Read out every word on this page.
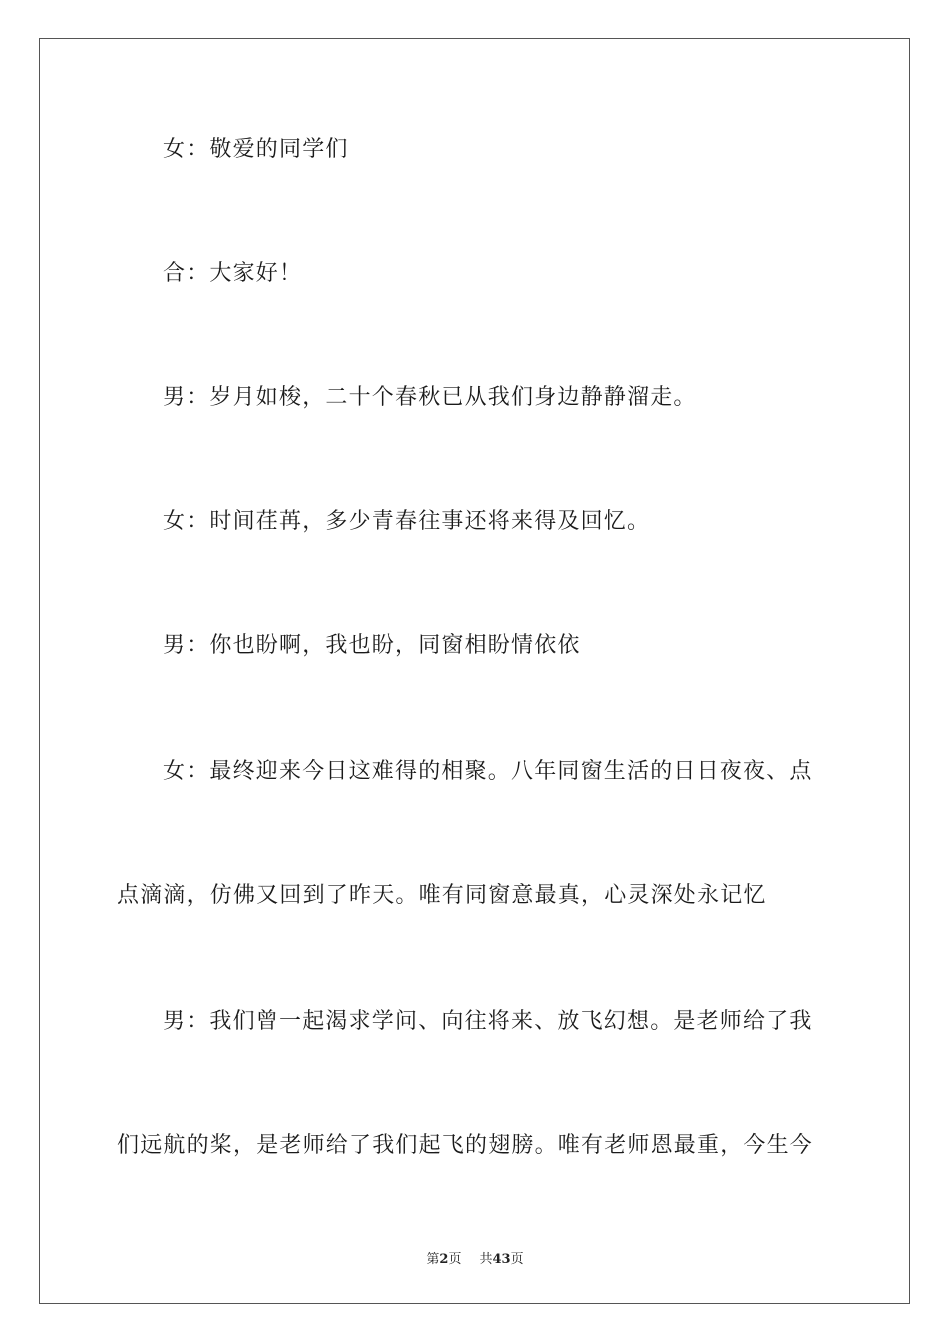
女：敬爱的同学们
合：大家好！
男：岁月如梭，二十个春秋已从我们身边静静溜走。
女：时间荏苒，多少青春往事还将来得及回忆。
男：你也盼啊，我也盼，同窗相盼情依依
女：最终迎来今日这难得的相聚。八年同窗生活的日日夜夜、点
点滴滴，仿佛又回到了昨天。唯有同窗意最真，心灵深处永记忆
男：我们曾一起渴求学问、向往将来、放飞幻想。是老师给了我
们远航的桨，是老师给了我们起飞的翅膀。唯有老师恩最重，今生今
第2页 共43页
